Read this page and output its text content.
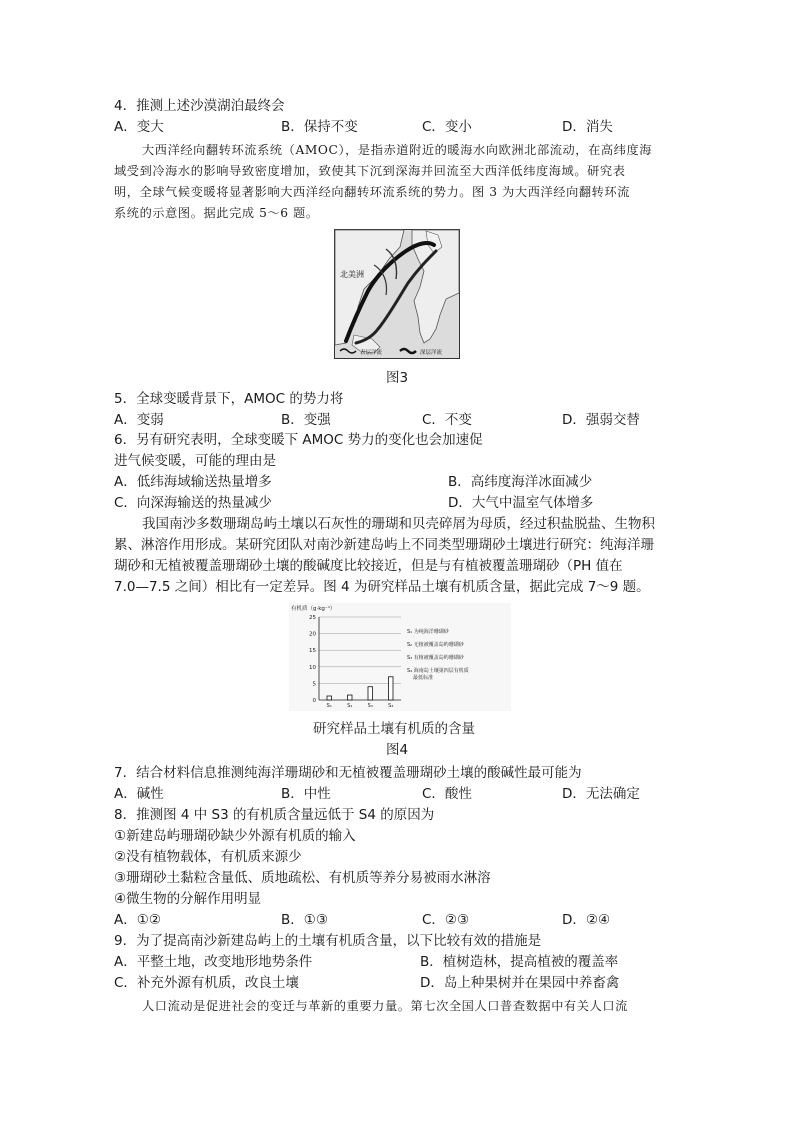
4．推测上述沙漠湖泊最终会
A．变大	B．保持不变	C．变小	D．消失
大西洋经向翻转环流系统（AMOC），是指赤道附近的暖海水向欧洲北部流动，在高纬度海
域受到冷海水的影响导致密度增加，致使其下沉到深海并回流至大西洋低纬度海域。研究表
明，全球气候变暖将显著影响大西洋经向翻转环流系统的势力。图 3 为大西洋经向翻转环流
系统的示意图。据此完成 5～6 题。
北美洲
表层洋流	深层洋流
图3
5．全球变暖背景下，AMOC 的势力将
A．变弱	B．变强	C．不变	D．强弱交替
6．另有研究表明，全球变暖下 AMOC 势力的变化也会加速促
进气候变暖，可能的理由是
A．低纬海域输送热量增多	B．高纬度海洋冰面减少
C．向深海输送的热量减少	D．大气中温室气体增多
我国南沙多数珊瑚岛屿土壤以石灰性的珊瑚和贝壳碎屑为母质，经过积盐脱盐、生物积
累、淋溶作用形成。某研究团队对南沙新建岛屿上不同类型珊瑚砂土壤进行研究：纯海洋珊
瑚砂和无植被覆盖珊瑚砂土壤的酸碱度比较接近，但是与有植被覆盖珊瑚砂（PH 值在
7.0—7.5 之间）相比有一定差异。图 4 为研究样品土壤有机质含量，据此完成 7～9 题。
有机质（g·kg⁻¹）
0
5
10
15
20
25
S₁	S₂	S₃	S₄
S₁ 为纯海洋珊瑚砂
S₂ 无植被覆盖岛屿珊瑚砂
S₃ 有植被覆盖岛屿珊瑚砂
S₄ 海南岛土壤第四层有机质
最低标准
研究样品土壤有机质的含量
图4
7．结合材料信息推测纯海洋珊瑚砂和无植被覆盖珊瑚砂土壤的酸碱性最可能为
A．碱性	B．中性	C．酸性	D．无法确定
8．推测图 4 中 S3 的有机质含量远低于 S4 的原因为
①新建岛屿珊瑚砂缺少外源有机质的输入
②没有植物载体，有机质来源少
③珊瑚砂土黏粒含量低、质地疏松、有机质等养分易被雨水淋溶
④微生物的分解作用明显
A．①②	B．①③	C．②③	D．②④
9．为了提高南沙新建岛屿上的土壤有机质含量，以下比较有效的措施是
A．平整土地，改变地形地势条件	B．植树造林，提高植被的覆盖率
C．补充外源有机质，改良土壤	D．岛上种果树并在果园中养畜禽
人口流动是促进社会的变迁与革新的重要力量。第七次全国人口普查数据中有关人口流
